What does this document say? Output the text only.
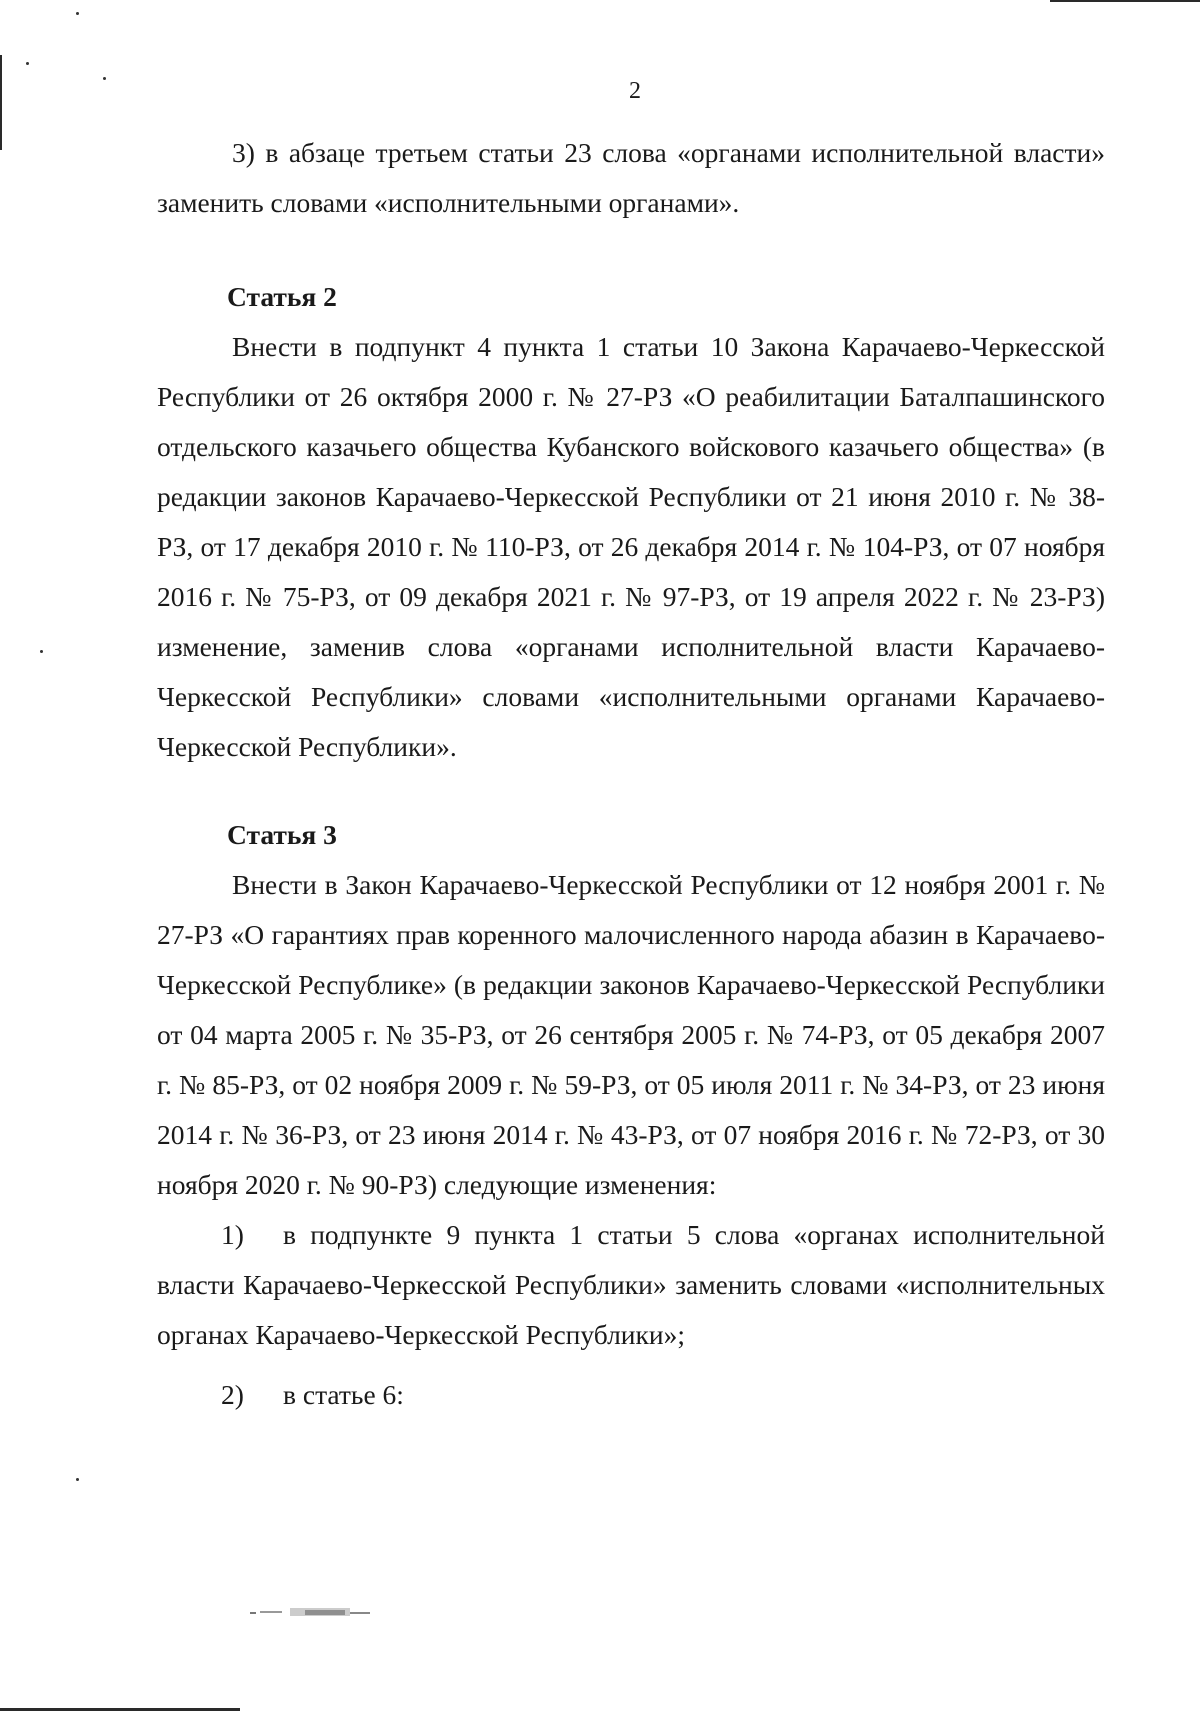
2

3) в абзаце третьем статьи 23 слова «органами исполнительной власти» заменить словами «исполнительными органами».

Статья 2

Внести в подпункт 4 пункта 1 статьи 10 Закона Карачаево-Черкесской Республики от 26 октября 2000 г. № 27-РЗ «О реабилитации Баталпашинского отдельского казачьего общества Кубанского войскового казачьего общества» (в редакции законов Карачаево-Черкесской Республики от 21 июня 2010 г. № 38-РЗ, от 17 декабря 2010 г. № 110-РЗ, от 26 декабря 2014 г. № 104-РЗ, от 07 ноября 2016 г. № 75-РЗ, от 09 декабря 2021 г. № 97-РЗ, от 19 апреля 2022 г. № 23-РЗ) изменение, заменив слова «органами исполнительной власти Карачаево-Черкесской Республики» словами «исполнительными органами Карачаево-Черкесской Республики».

Статья 3

Внести в Закон Карачаево-Черкесской Республики от 12 ноября 2001 г. № 27-РЗ «О гарантиях прав коренного малочисленного народа абазин в Карачаево-Черкесской Республике» (в редакции законов Карачаево-Черкесской Республики от 04 марта 2005 г. № 35-РЗ, от 26 сентября 2005 г. № 74-РЗ, от 05 декабря 2007 г. № 85-РЗ, от 02 ноября 2009 г. № 59-РЗ, от 05 июля 2011 г. № 34-РЗ, от 23 июня 2014 г. № 36-РЗ, от 23 июня 2014 г. № 43-РЗ, от 07 ноября 2016 г. № 72-РЗ, от 30 ноября 2020 г. № 90-РЗ) следующие изменения:

1) в подпункте 9 пункта 1 статьи 5 слова «органах исполнительной власти Карачаево-Черкесской Республики» заменить словами «исполнительных органах Карачаево-Черкесской Республики»;

2) в статье 6:
